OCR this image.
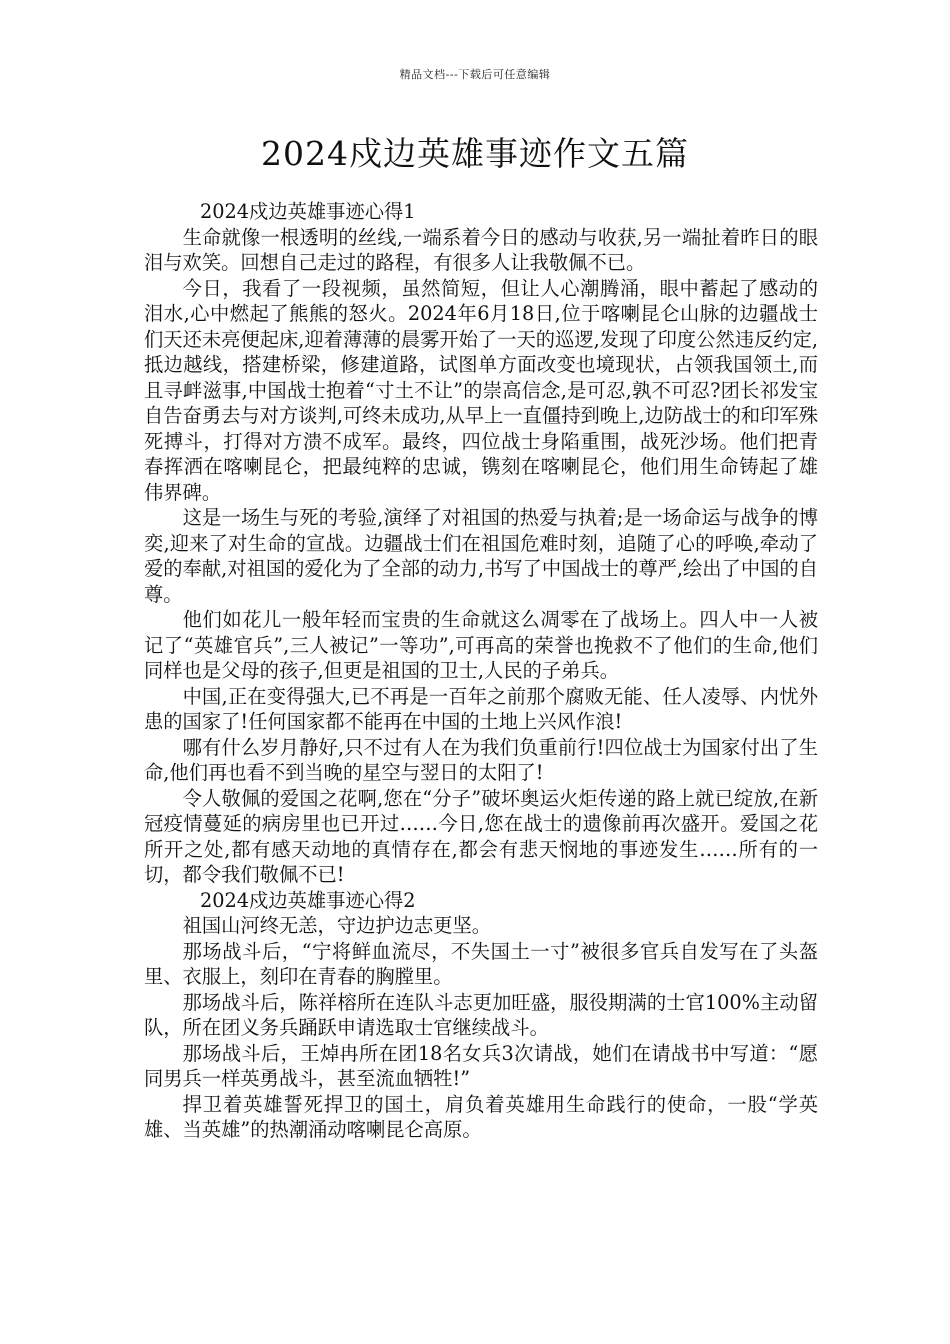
精品文档---下载后可任意编辑
2024戍边英雄事迹作文五篇

2024戍边英雄事迹心得1

生命就像一根透明的丝线,一端系着今日的感动与收获,另一端扯着昨日的眼泪与欢笑。回想自己走过的路程，有很多人让我敬佩不已。

今日，我看了一段视频，虽然简短，但让人心潮腾涌，眼中蓄起了感动的泪水,心中燃起了熊熊的怒火。2024年6月18日,位于喀喇昆仑山脉的边疆战士们天还未亮便起床,迎着薄薄的晨雾开始了一天的巡逻,发现了印度公然违反约定,抵边越线，搭建桥梁，修建道路，试图单方面改变也境现状，占领我国领土,而且寻衅滋事,中国战士抱着“寸土不让”的崇高信念,是可忍,孰不可忍?团长祁发宝自告奋勇去与对方谈判,可终未成功,从早上一直僵持到晚上,边防战士的和印军殊死搏斗，打得对方溃不成军。最终，四位战士身陷重围，战死沙场。他们把青春挥洒在喀喇昆仑，把最纯粹的忠诚，镌刻在喀喇昆仑，他们用生命铸起了雄伟界碑。

这是一场生与死的考验,演绎了对祖国的热爱与执着;是一场命运与战争的博奕,迎来了对生命的宣战。边疆战士们在祖国危难时刻，追随了心的呼唤,牵动了爱的奉献,对祖国的爱化为了全部的动力,书写了中国战士的尊严,绘出了中国的自尊。

他们如花儿一般年轻而宝贵的生命就这么凋零在了战场上。四人中一人被记了“英雄官兵”,三人被记”一等功”,可再高的荣誉也挽救不了他们的生命,他们同样也是父母的孩子,但更是祖国的卫士,人民的子弟兵。

中国,正在变得强大,已不再是一百年之前那个腐败无能、任人凌辱、内忧外患的国家了!任何国家都不能再在中国的土地上兴风作浪!

哪有什么岁月静好,只不过有人在为我们负重前行!四位战士为国家付出了生命,他们再也看不到当晚的星空与翌日的太阳了!

令人敬佩的爱国之花啊,您在“分子”破坏奥运火炬传递的路上就已绽放,在新冠疫情蔓延的病房里也已开过……今日,您在战士的遗像前再次盛开。爱国之花所开之处,都有感天动地的真情存在,都会有悲天悯地的事迹发生……所有的一切，都令我们敬佩不已!

2024戍边英雄事迹心得2

祖国山河终无恙，守边护边志更坚。

那场战斗后，“宁将鲜血流尽，不失国土一寸”被很多官兵自发写在了头盔里、衣服上，刻印在青春的胸膛里。

那场战斗后，陈祥榕所在连队斗志更加旺盛，服役期满的士官100%主动留队，所在团义务兵踊跃申请选取士官继续战斗。

那场战斗后，王焯冉所在团18名女兵3次请战，她们在请战书中写道：“愿同男兵一样英勇战斗，甚至流血牺牲!”

捍卫着英雄誓死捍卫的国土，肩负着英雄用生命践行的使命，一股“学英雄、当英雄”的热潮涌动喀喇昆仑高原。
